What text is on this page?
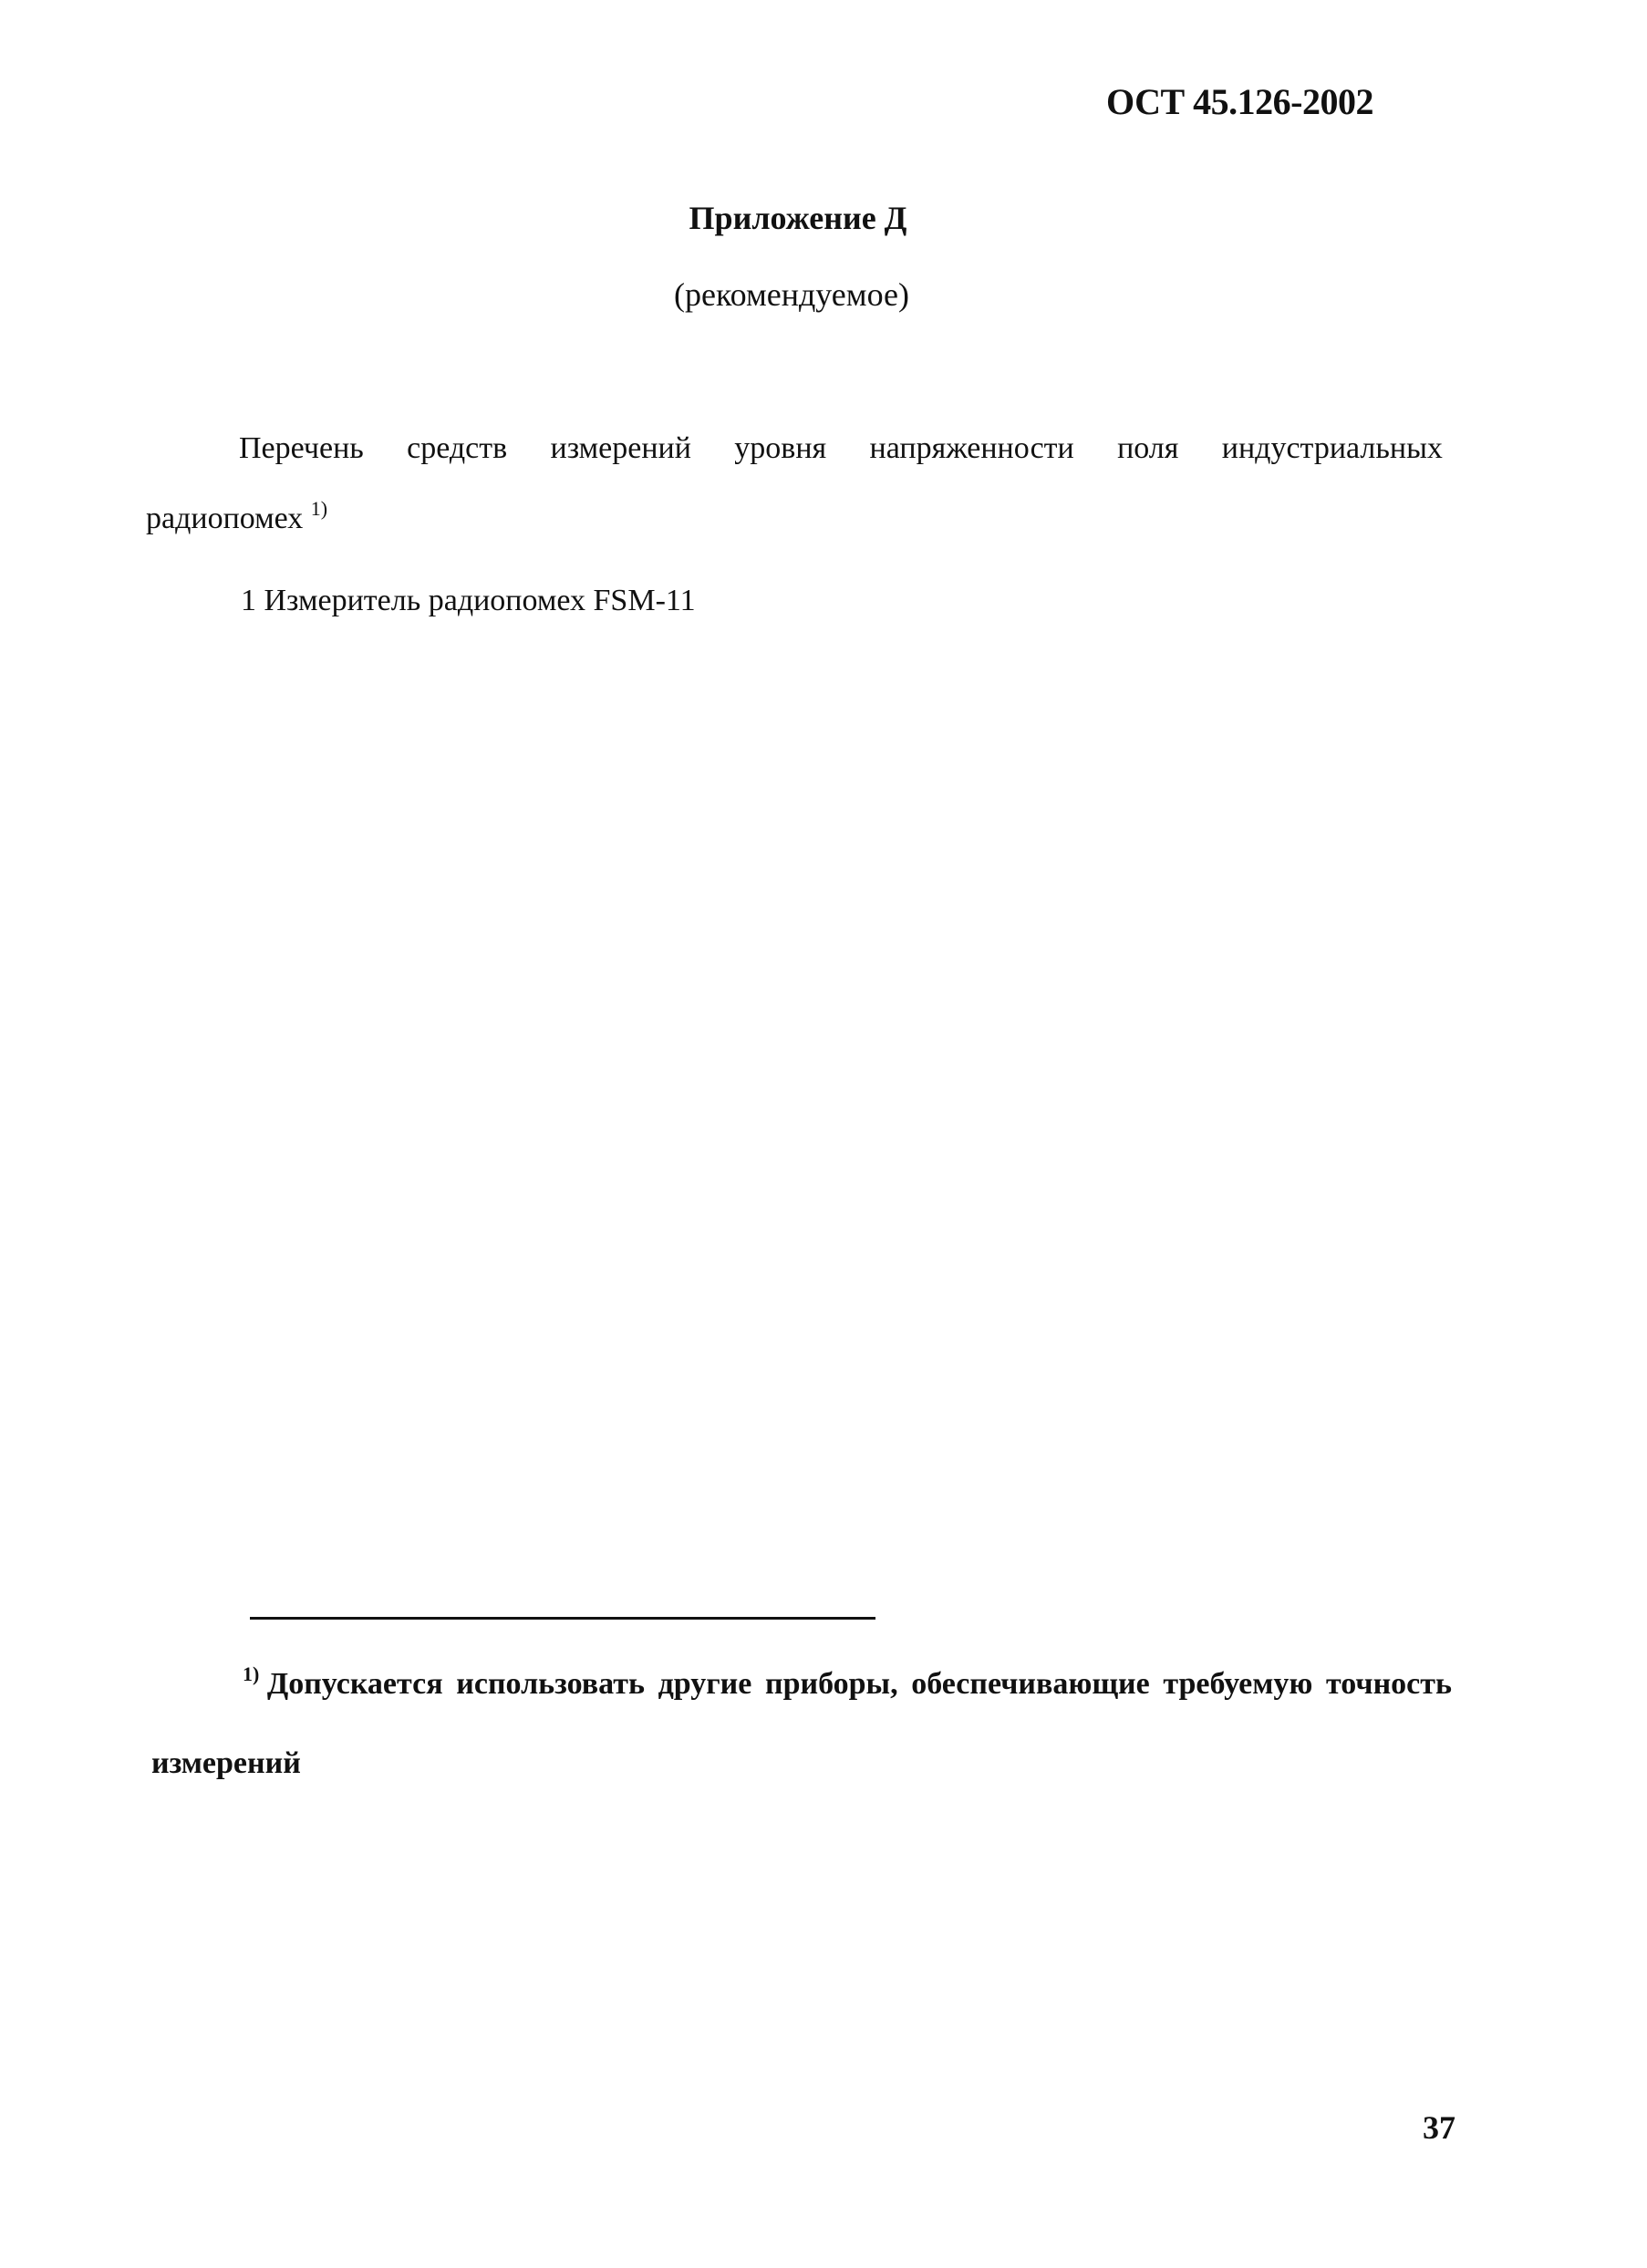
ОСТ 45.126-2002
Приложение Д
(рекомендуемое)
Перечень средств измерений уровня напряженности поля индустриальных
радиопомех $^{1)}$
1 Измеритель радиопомех FSM-11
$^{1)}$ Допускается использовать другие приборы, обеспечивающие требуемую точность
измерений
37
